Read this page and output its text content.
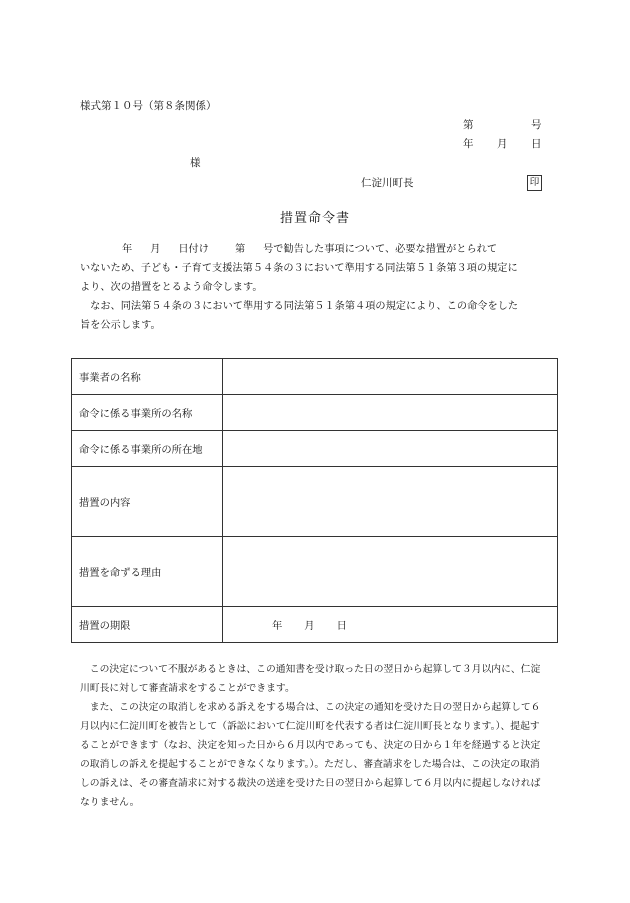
様式第１０号（第８条関係）
第	号
年 月 日
様
仁淀川町長	印
措置命令書
年 月 日付け	第 号で勧告した事項について、必要な措置がとられて
いないため、子ども・子育て支援法第５４条の３において準用する同法第５１条第３項の規定に
より、次の措置をとるよう命令します。
　なお、同法第５４条の３において準用する同法第５１条第４項の規定により、この命令をした
旨を公示します。
事業者の名称	
命令に係る事業所の名称	
命令に係る事業所の所在地	
措置の内容	
措置を命ずる理由	
措置の期限	年 月 日
　この決定について不服があるときは、この通知書を受け取った日の翌日から起算して３月以内に、仁淀
川町長に対して審査請求をすることができます。
　また、この決定の取消しを求める訴えをする場合は、この決定の通知を受けた日の翌日から起算して６
月以内に仁淀川町を被告として（訴訟において仁淀川町を代表する者は仁淀川町長となります。）、提起す
ることができます（なお、決定を知った日から６月以内であっても、決定の日から１年を経過すると決定
の取消しの訴えを提起することができなくなります。）。ただし、審査請求をした場合は、この決定の取消
しの訴えは、その審査請求に対する裁決の送達を受けた日の翌日から起算して６月以内に提起しなければ
なりません。
